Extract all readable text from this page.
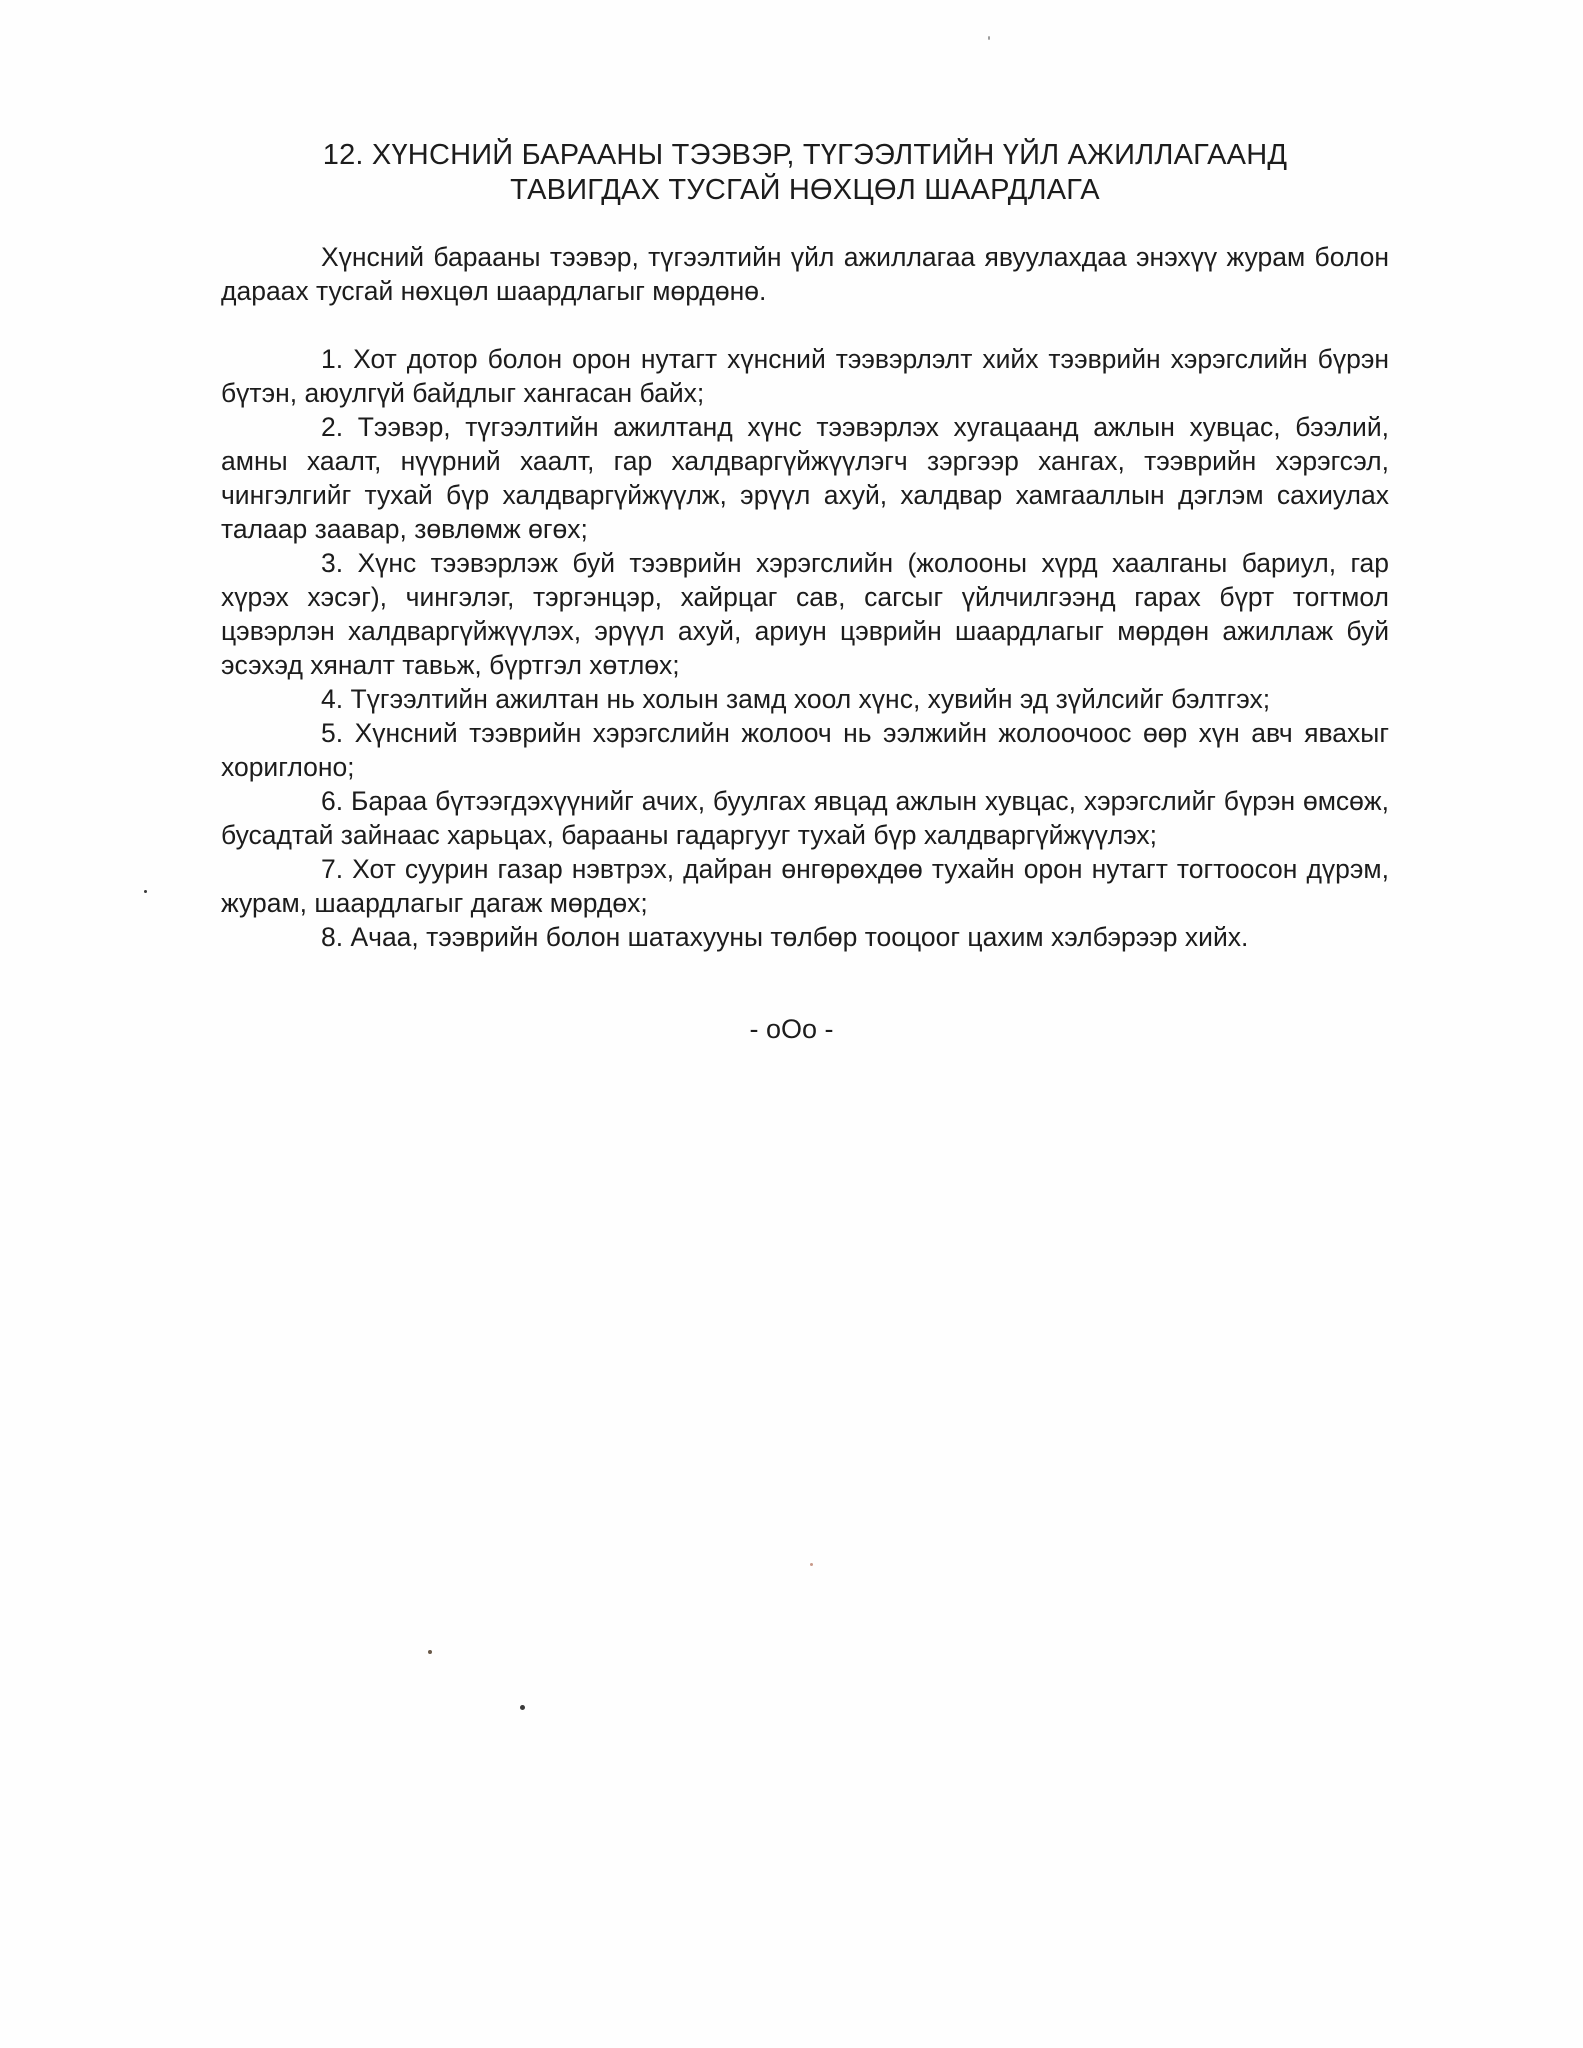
12. ХҮНСНИЙ БАРААНЫ ТЭЭВЭР, ТҮГЭЭЛТИЙН ҮЙЛ АЖИЛЛАГААНД
ТАВИГДАХ ТУСГАЙ НӨХЦӨЛ ШААРДЛАГА

Хүнсний барааны тээвэр, түгээлтийн үйл ажиллагаа явуулахдаа энэхүү журам болон дараах тусгай нөхцөл шаардлагыг мөрдөнө.

1. Хот дотор болон орон нутагт хүнсний тээвэрлэлт хийх тээврийн хэрэгслийн бүрэн бүтэн, аюулгүй байдлыг хангасан байх;

2. Тээвэр, түгээлтийн ажилтанд хүнс тээвэрлэх хугацаанд ажлын хувцас, бээлий, амны хаалт, нүүрний хаалт, гар халдваргүйжүүлэгч зэргээр хангах, тээврийн хэрэгсэл, чингэлгийг тухай бүр халдваргүйжүүлж, эрүүл ахуй, халдвар хамгааллын дэглэм сахиулах талаар заавар, зөвлөмж өгөх;

3. Хүнс тээвэрлэж буй тээврийн хэрэгслийн (жолооны хүрд хаалганы бариул, гар хүрэх хэсэг), чингэлэг, тэргэнцэр, хайрцаг сав, сагсыг үйлчилгээнд гарах бүрт тогтмол цэвэрлэн халдваргүйжүүлэх, эрүүл ахуй, ариун цэврийн шаардлагыг мөрдөн ажиллаж буй эсэхэд хяналт тавьж, бүртгэл хөтлөх;

4. Түгээлтийн ажилтан нь холын замд хоол хүнс, хувийн эд зүйлсийг бэлтгэх;

5. Хүнсний тээврийн хэрэгслийн жолооч нь ээлжийн жолоочоос өөр хүн авч явахыг хориглоно;

6. Бараа бүтээгдэхүүнийг ачих, буулгах явцад ажлын хувцас, хэрэгслийг бүрэн өмсөж, бусадтай зайнаас харьцах, барааны гадаргууг тухай бүр халдваргүйжүүлэх;

7. Хот суурин газар нэвтрэх, дайран өнгөрөхдөө тухайн орон нутагт тогтоосон дүрэм, журам, шаардлагыг дагаж мөрдөх;

8. Ачаа, тээврийн болон шатахууны төлбөр тооцоог цахим хэлбэрээр хийх.

- oOo -
